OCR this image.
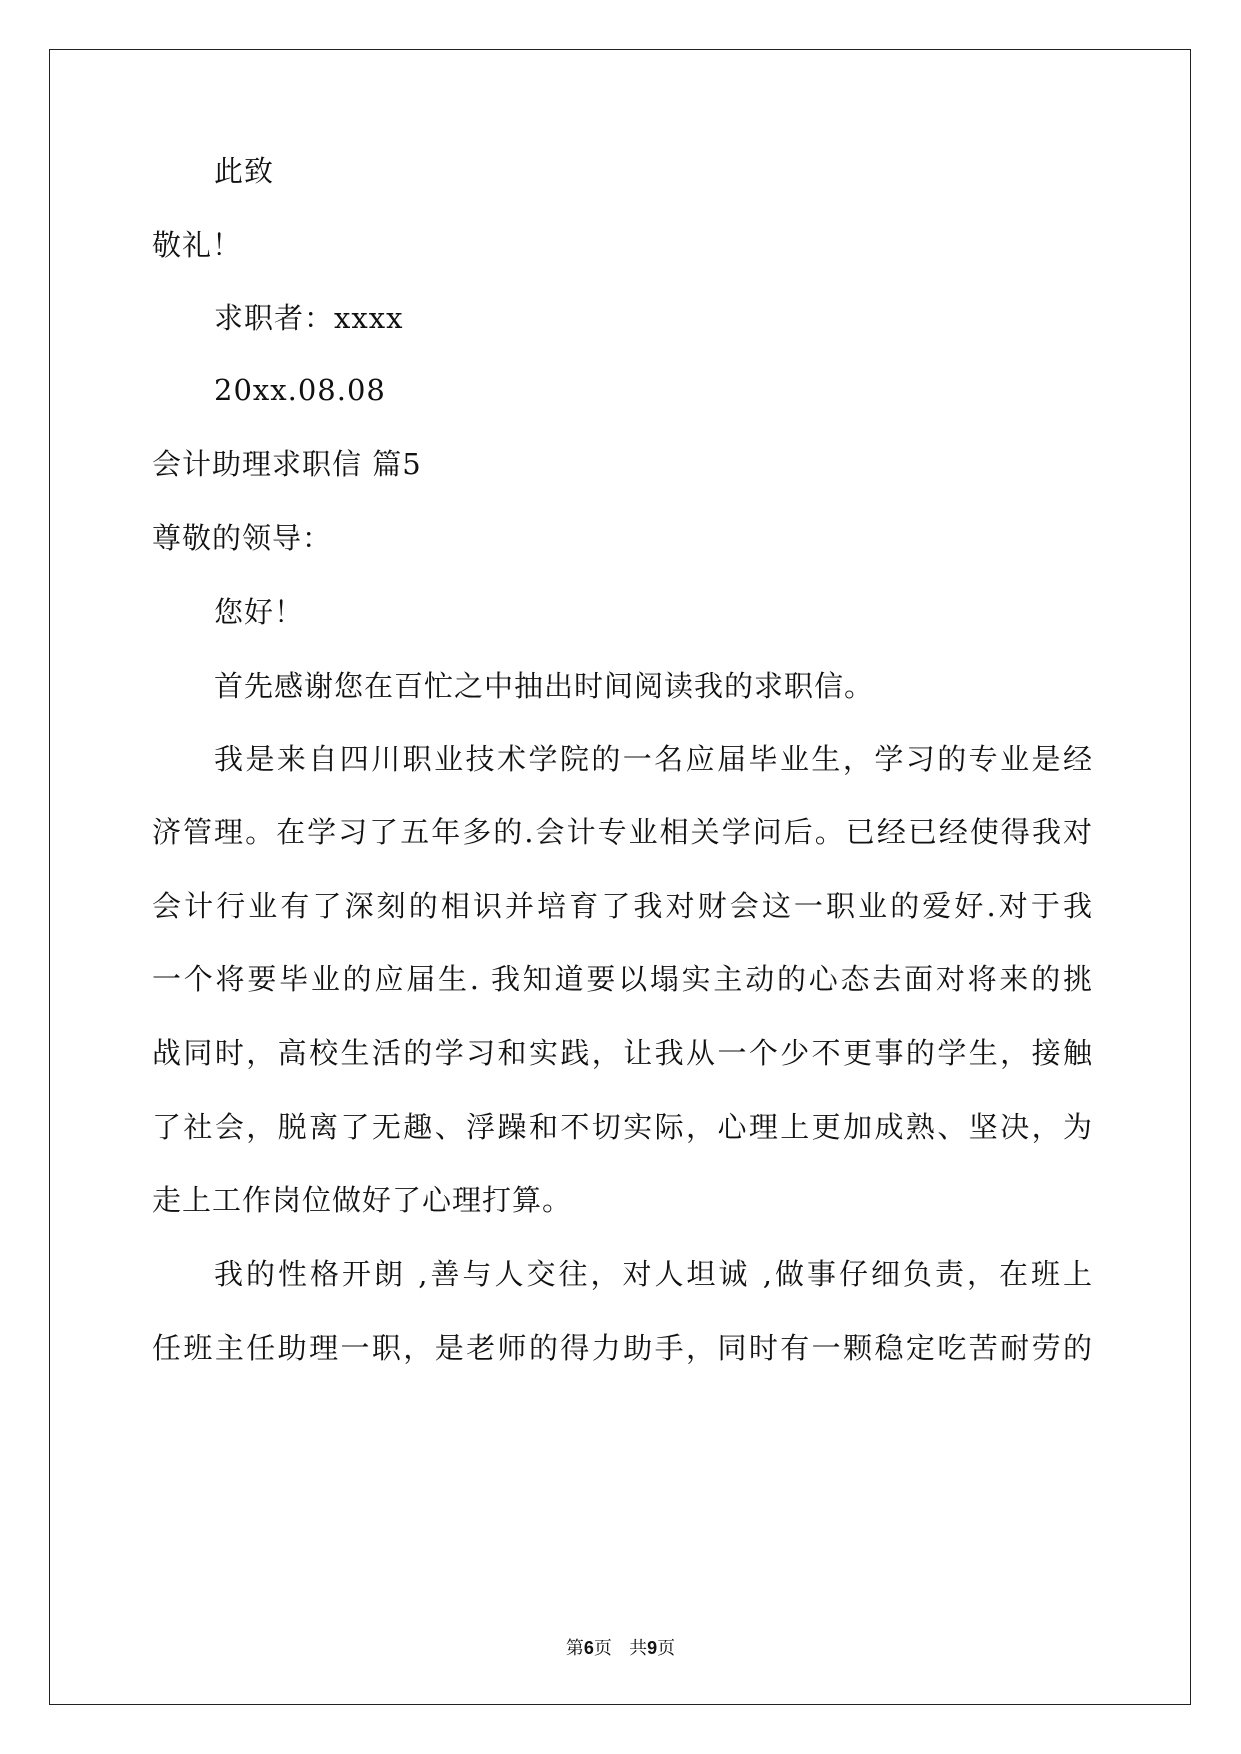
此致
敬礼！
求职者：xxxx
20xx.08.08
会计助理求职信 篇5
尊敬的领导：
您好！
首先感谢您在百忙之中抽出时间阅读我的求职信。
我是来自四川职业技术学院的一名应届毕业生，学习的专业是经
济管理。在学习了五年多的.会计专业相关学问后。已经已经使得我对
会计行业有了深刻的相识并培育了我对财会这一职业的爱好.对于我
一个将要毕业的应届生. 我知道要以塌实主动的心态去面对将来的挑
战同时，高校生活的学习和实践，让我从一个少不更事的学生，接触
了社会，脱离了无趣、浮躁和不切实际，心理上更加成熟、坚决，为
走上工作岗位做好了心理打算。
我的性格开朗 ,善与人交往，对人坦诚 ,做事仔细负责，在班上
任班主任助理一职，是老师的得力助手，同时有一颗稳定吃苦耐劳的
第6页 共9页
